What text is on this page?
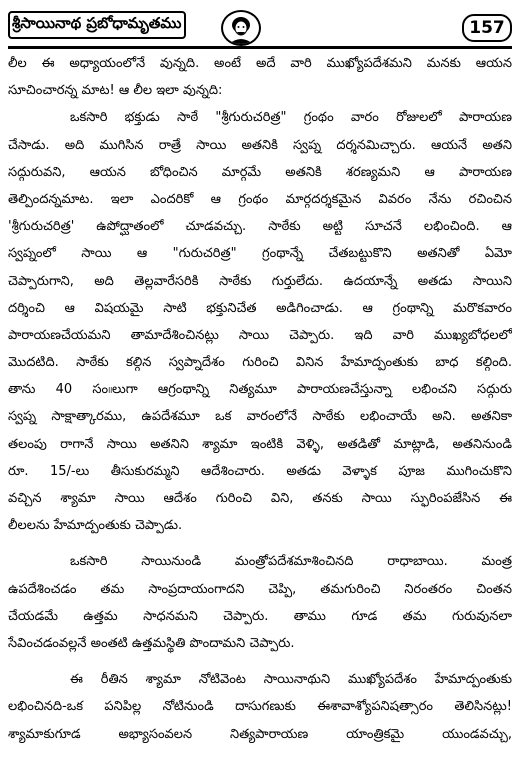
శ్రీసాయినాథ ప్రబోధామృతము	157
లీల ఈ అధ్యాయంలోనే వున్నది. అంటే అదే వారి ముఖ్యోపదేశమని మనకు ఆయన
సూచించారన్న మాట! ఆ లీల ఇలా వున్నది:
ఒకసారి భక్తుడు సాఠే "శ్రీగురుచరిత్ర" గ్రంథం వారం రోజులలో పారాయణ
చేసాడు. అది ముగిసిన రాత్రే సాయి అతనికి స్వప్న దర్శనమిచ్చారు. ఆయనే అతని
సద్గురువని, ఆయన బోధించిన మార్గమే అతనికి శరణ్యమని ఆ పారాయణ
తెల్పిందన్నమాట. ఇలా ఎందరికో ఆ గ్రంథం మార్గదర్శకమైన వివరం నేను రచించిన
'శ్రీగురుచరిత్ర' ఉపోద్ఘాతంలో చూడవచ్చు. సాఠేకు అట్టి సూచనే లభించింది. ఆ
స్వప్నంలో సాయి ఆ "గురుచరిత్ర" గ్రంథాన్నే చేతబట్టుకొని అతనితో ఏమో
చెప్పారుగాని, అది తెల్లవారేసరికి సాఠేకు గుర్తులేదు. ఉదయాన్నే అతడు సాయిని
దర్శించి ఆ విషయమై సాటి భక్తునిచేత అడిగించాడు. ఆ గ్రంథాన్ని మరొకవారం
పారాయణచేయమని తామాదేశించినట్లు సాయి చెప్పారు. ఇది వారి ముఖ్యబోధలలో
మొదటిది. సాఠేకు కల్గిన స్వప్నాదేశం గురించి వినిన హేమాద్పంతుకు బాధ కల్గింది.
తాను 40 సం။లుగా ఆగ్రంథాన్ని నిత్యమూ పారాయణచేస్తున్నా లభించని సద్గురు
స్వప్న సాక్షాత్కారము, ఉపదేశమూ ఒక వారంలోనే సాఠేకు లభించాయే అని. అతనికా
తలంపు రాగానే సాయి అతనిని శ్యామా ఇంటికి వెళ్ళి, అతడితో మాట్లాడి, అతనినుండి
రూ. 15/-లు తీసుకురమ్మని ఆదేశించారు. అతడు వెళ్ళాక పూజ ముగించుకొని
వచ్చిన శ్యామా సాయి ఆదేశం గురించి విని, తనకు సాయి స్ఫురింపజేసిన ఈ
లీలలను హేమాద్పంతుకు చెప్పాడు.
ఒకసారి సాయినుండి మంత్రోపదేశమాశించినది రాధాబాయి. మంత్ర
ఉపదేశించడం తమ సాంప్రదాయంగాదని చెప్పి, తమగురించి నిరంతరం చింతన
చేయడమే ఉత్తమ సాధనమని చెప్పారు. తాము గూడ తమ గురువునలా
సేవించడంవల్లనే అంతటి ఉత్తమస్థితి పొందామని చెప్పారు.
ఈ రీతిన శ్యామా నోటివెంట సాయినాథుని ముఖ్యోపదేశం హేమాద్పంతుకు
లభించినది-ఒక పనిపిల్ల నోటినుండి దాసుగణుకు ఈశావాశ్యోపనిషత్సారం తెలిసినట్లు!
శ్యామాకుగూడ అభ్యాసంవలన నిత్యపారాయణ యాంత్రికమై యుండవచ్చు,
